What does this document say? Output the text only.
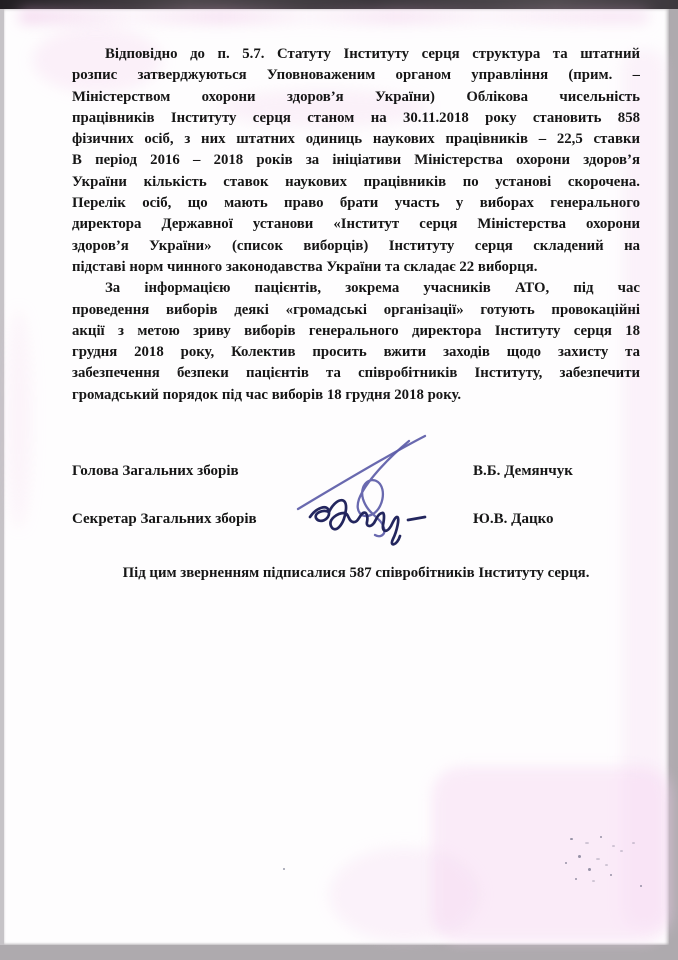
Відповідно до п. 5.7. Статуту Інституту серця структура та штатний
розпис затверджуються Уповноваженим органом управління (прим. –
Міністерством охорони здоров’я України) Облікова чисельність
працівників Інституту серця станом на 30.11.2018 року становить 858
фізичних осіб, з них штатних одиниць наукових працівників – 22,5 ставки
В період 2016 – 2018 років за ініціативи Міністерства охорони здоров’я
України кількість ставок наукових працівників по установі скорочена.
Перелік осіб, що мають право брати участь у виборах генерального
директора Державної установи «Інститут серця Міністерства охорони
здоров’я України» (список виборців) Інституту серця складений на
підставі норм чинного законодавства України та складає 22 виборця.
За інформацією пацієнтів, зокрема учасників АТО, під час
проведення виборів деякі «громадські організації» готують провокаційні
акції з метою зриву виборів генерального директора Інституту серця 18
грудня 2018 року, Колектив просить вжити заходів щодо захисту та
забезпечення безпеки пацієнтів та співробітників Інституту, забезпечити
громадський порядок під час виборів 18 грудня 2018 року.
Голова Загальних зборів	В.Б. Демянчук
Секретар Загальних зборів	Ю.В. Дацко
Під цим зверненням підписалися 587 співробітників Інституту серця.
